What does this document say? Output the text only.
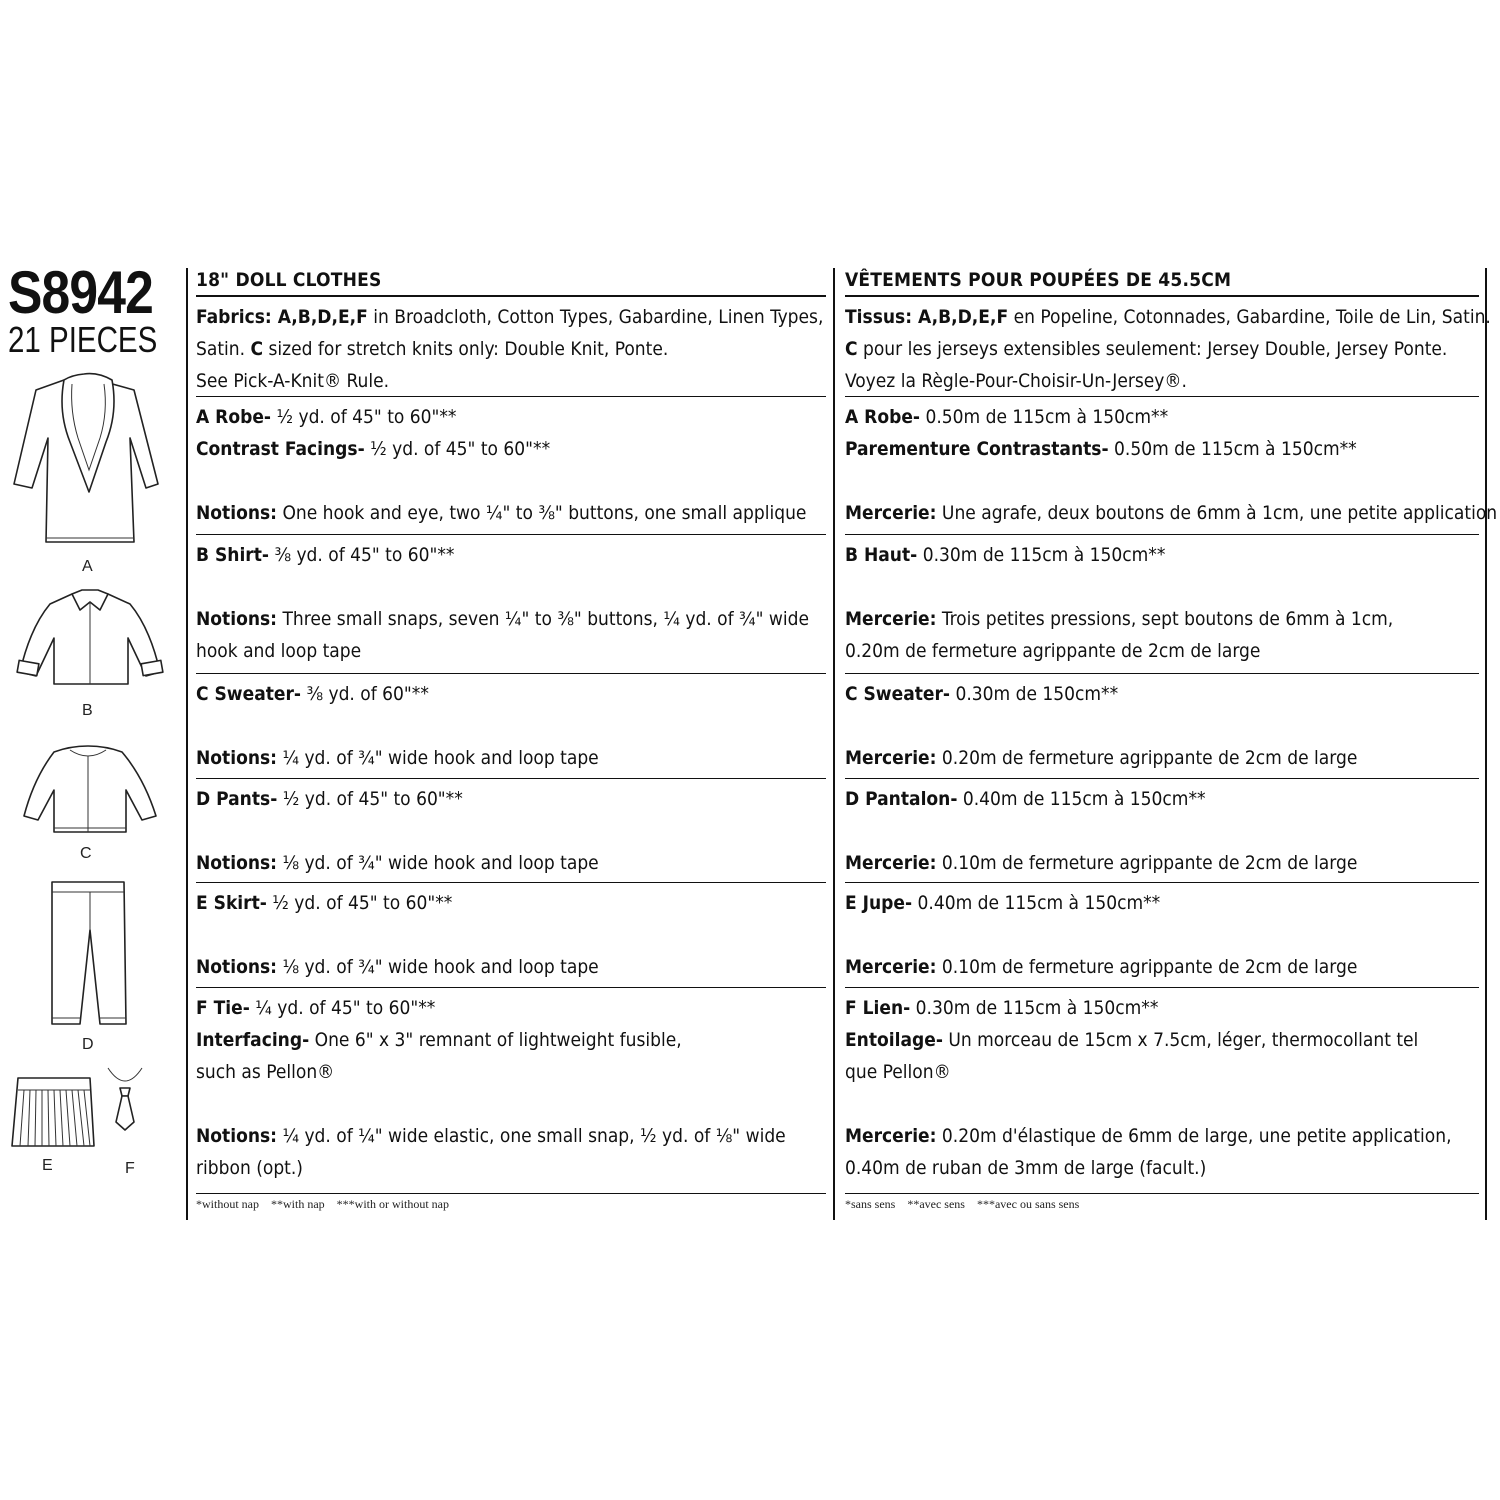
S8942
21 PIECES
A
B
C
D
E	F
18" DOLL CLOTHES
Fabrics: A,B,D,E,F in Broadcloth, Cotton Types, Gabardine, Linen Types,
Satin. C sized for stretch knits only: Double Knit, Ponte.
See Pick-A-Knit® Rule.
A Robe- ½ yd. of 45" to 60"**
Contrast Facings- ½ yd. of 45" to 60"**
Notions: One hook and eye, two ¼" to ⅜" buttons, one small applique
B Shirt- ⅜ yd. of 45" to 60"**
Notions: Three small snaps, seven ¼" to ⅜" buttons, ¼ yd. of ¾" wide
hook and loop tape
C Sweater- ⅜ yd. of 60"**
Notions: ¼ yd. of ¾" wide hook and loop tape
D Pants- ½ yd. of 45" to 60"**
Notions: ⅛ yd. of ¾" wide hook and loop tape
E Skirt- ½ yd. of 45" to 60"**
Notions: ⅛ yd. of ¾" wide hook and loop tape
F Tie- ¼ yd. of 45" to 60"**
Interfacing- One 6" x 3" remnant of lightweight fusible,
such as Pellon®
Notions: ¼ yd. of ¼" wide elastic, one small snap, ½ yd. of ⅛" wide
ribbon (opt.)
*without nap    **with nap    ***with or without nap
VÊTEMENTS POUR POUPÉES DE 45.5CM
Tissus: A,B,D,E,F en Popeline, Cotonnades, Gabardine, Toile de Lin, Satin.
C pour les jerseys extensibles seulement: Jersey Double, Jersey Ponte.
Voyez la Règle-Pour-Choisir-Un-Jersey®.
A Robe- 0.50m de 115cm à 150cm**
Parementure Contrastants- 0.50m de 115cm à 150cm**
Mercerie: Une agrafe, deux boutons de 6mm à 1cm, une petite application
B Haut- 0.30m de 115cm à 150cm**
Mercerie: Trois petites pressions, sept boutons de 6mm à 1cm,
0.20m de fermeture agrippante de 2cm de large
C Sweater- 0.30m de 150cm**
Mercerie: 0.20m de fermeture agrippante de 2cm de large
D Pantalon- 0.40m de 115cm à 150cm**
Mercerie: 0.10m de fermeture agrippante de 2cm de large
E Jupe- 0.40m de 115cm à 150cm**
Mercerie: 0.10m de fermeture agrippante de 2cm de large
F Lien- 0.30m de 115cm à 150cm**
Entoilage- Un morceau de 15cm x 7.5cm, léger, thermocollant tel
que Pellon®
Mercerie: 0.20m d'élastique de 6mm de large, une petite application,
0.40m de ruban de 3mm de large (facult.)
*sans sens    **avec sens    ***avec ou sans sens
